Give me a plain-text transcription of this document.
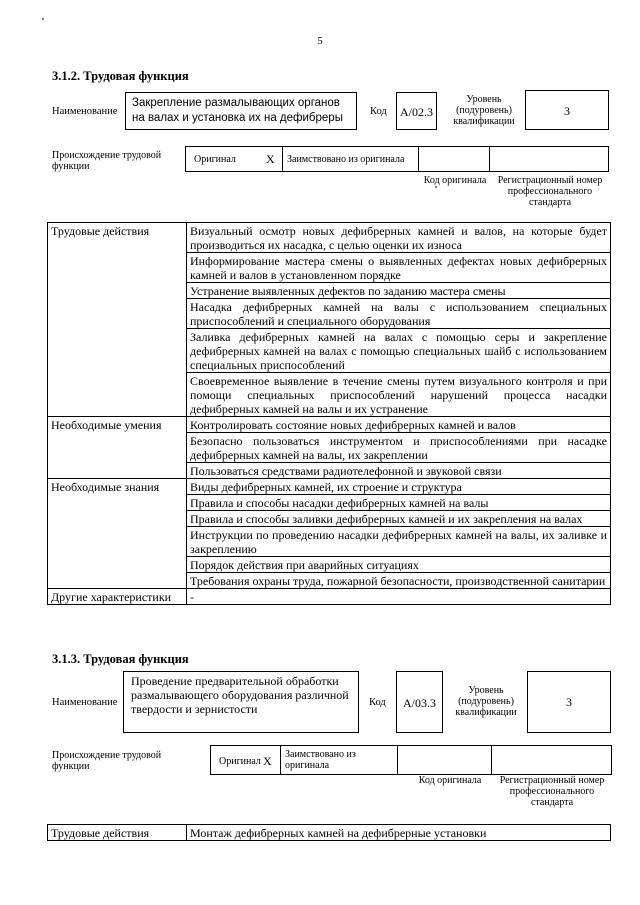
5
3.1.2. Трудовая функция
Наименование
Закрепление размалывающих органов на валах и установка их на дефибреры
Код	A/02.3
Уровень (подуровень) квалификации
3
Происхождение трудовой функции
Оригинал	X Заимствовано из оригинала
Код оригинала	Регистрационный номер профессионального стандарта
Трудовые действия	Визуальный осмотр новых дефибрерных камней и валов, на которые будет производиться их насадка, с целью оценки их износа
	Информирование мастера смены о выявленных дефектах новых дефибрерных камней и валов в установленном порядке
	Устранение выявленных дефектов по заданию мастера смены
	Насадка дефибрерных камней на валы с использованием специальных приспособлений и специального оборудования
	Заливка дефибрерных камней на валах с помощью серы и закрепление дефибрерных камней на валах с помощью специальных шайб с использованием специальных приспособлений
	Своевременное выявление в течение смены путем визуального контроля и при помощи специальных приспособлений нарушений процесса насадки дефибрерных камней на валы и их устранение
Необходимые умения	Контролировать состояние новых дефибрерных камней и валов
	Безопасно пользоваться инструментом и приспособлениями при насадке дефибрерных камней на валы, их закреплении
	Пользоваться средствами радиотелефонной и звуковой связи
Необходимые знания	Виды дефибрерных камней, их строение и структура
	Правила и способы насадки дефибрерных камней на валы
	Правила и способы заливки дефибрерных камней и их закрепления на валах
	Инструкции по проведению насадки дефибрерных камней на валы, их заливке и закреплению
	Порядок действия при аварийных ситуациях
	Требования охраны труда, пожарной безопасности, производственной санитарии
Другие характеристики	-
3.1.3. Трудовая функция
Наименование
Проведение предварительной обработки размалывающего оборудования различной твердости и зернистости	Код	A/03.3
Уровень (подуровень) квалификации
3
Происхождение трудовой функции	Оригинал X Заимствовано из оригинала
Код оригинала	Регистрационный номер профессионального стандарта
Трудовые действия	Монтаж дефибрерных камней на дефибрерные установки
